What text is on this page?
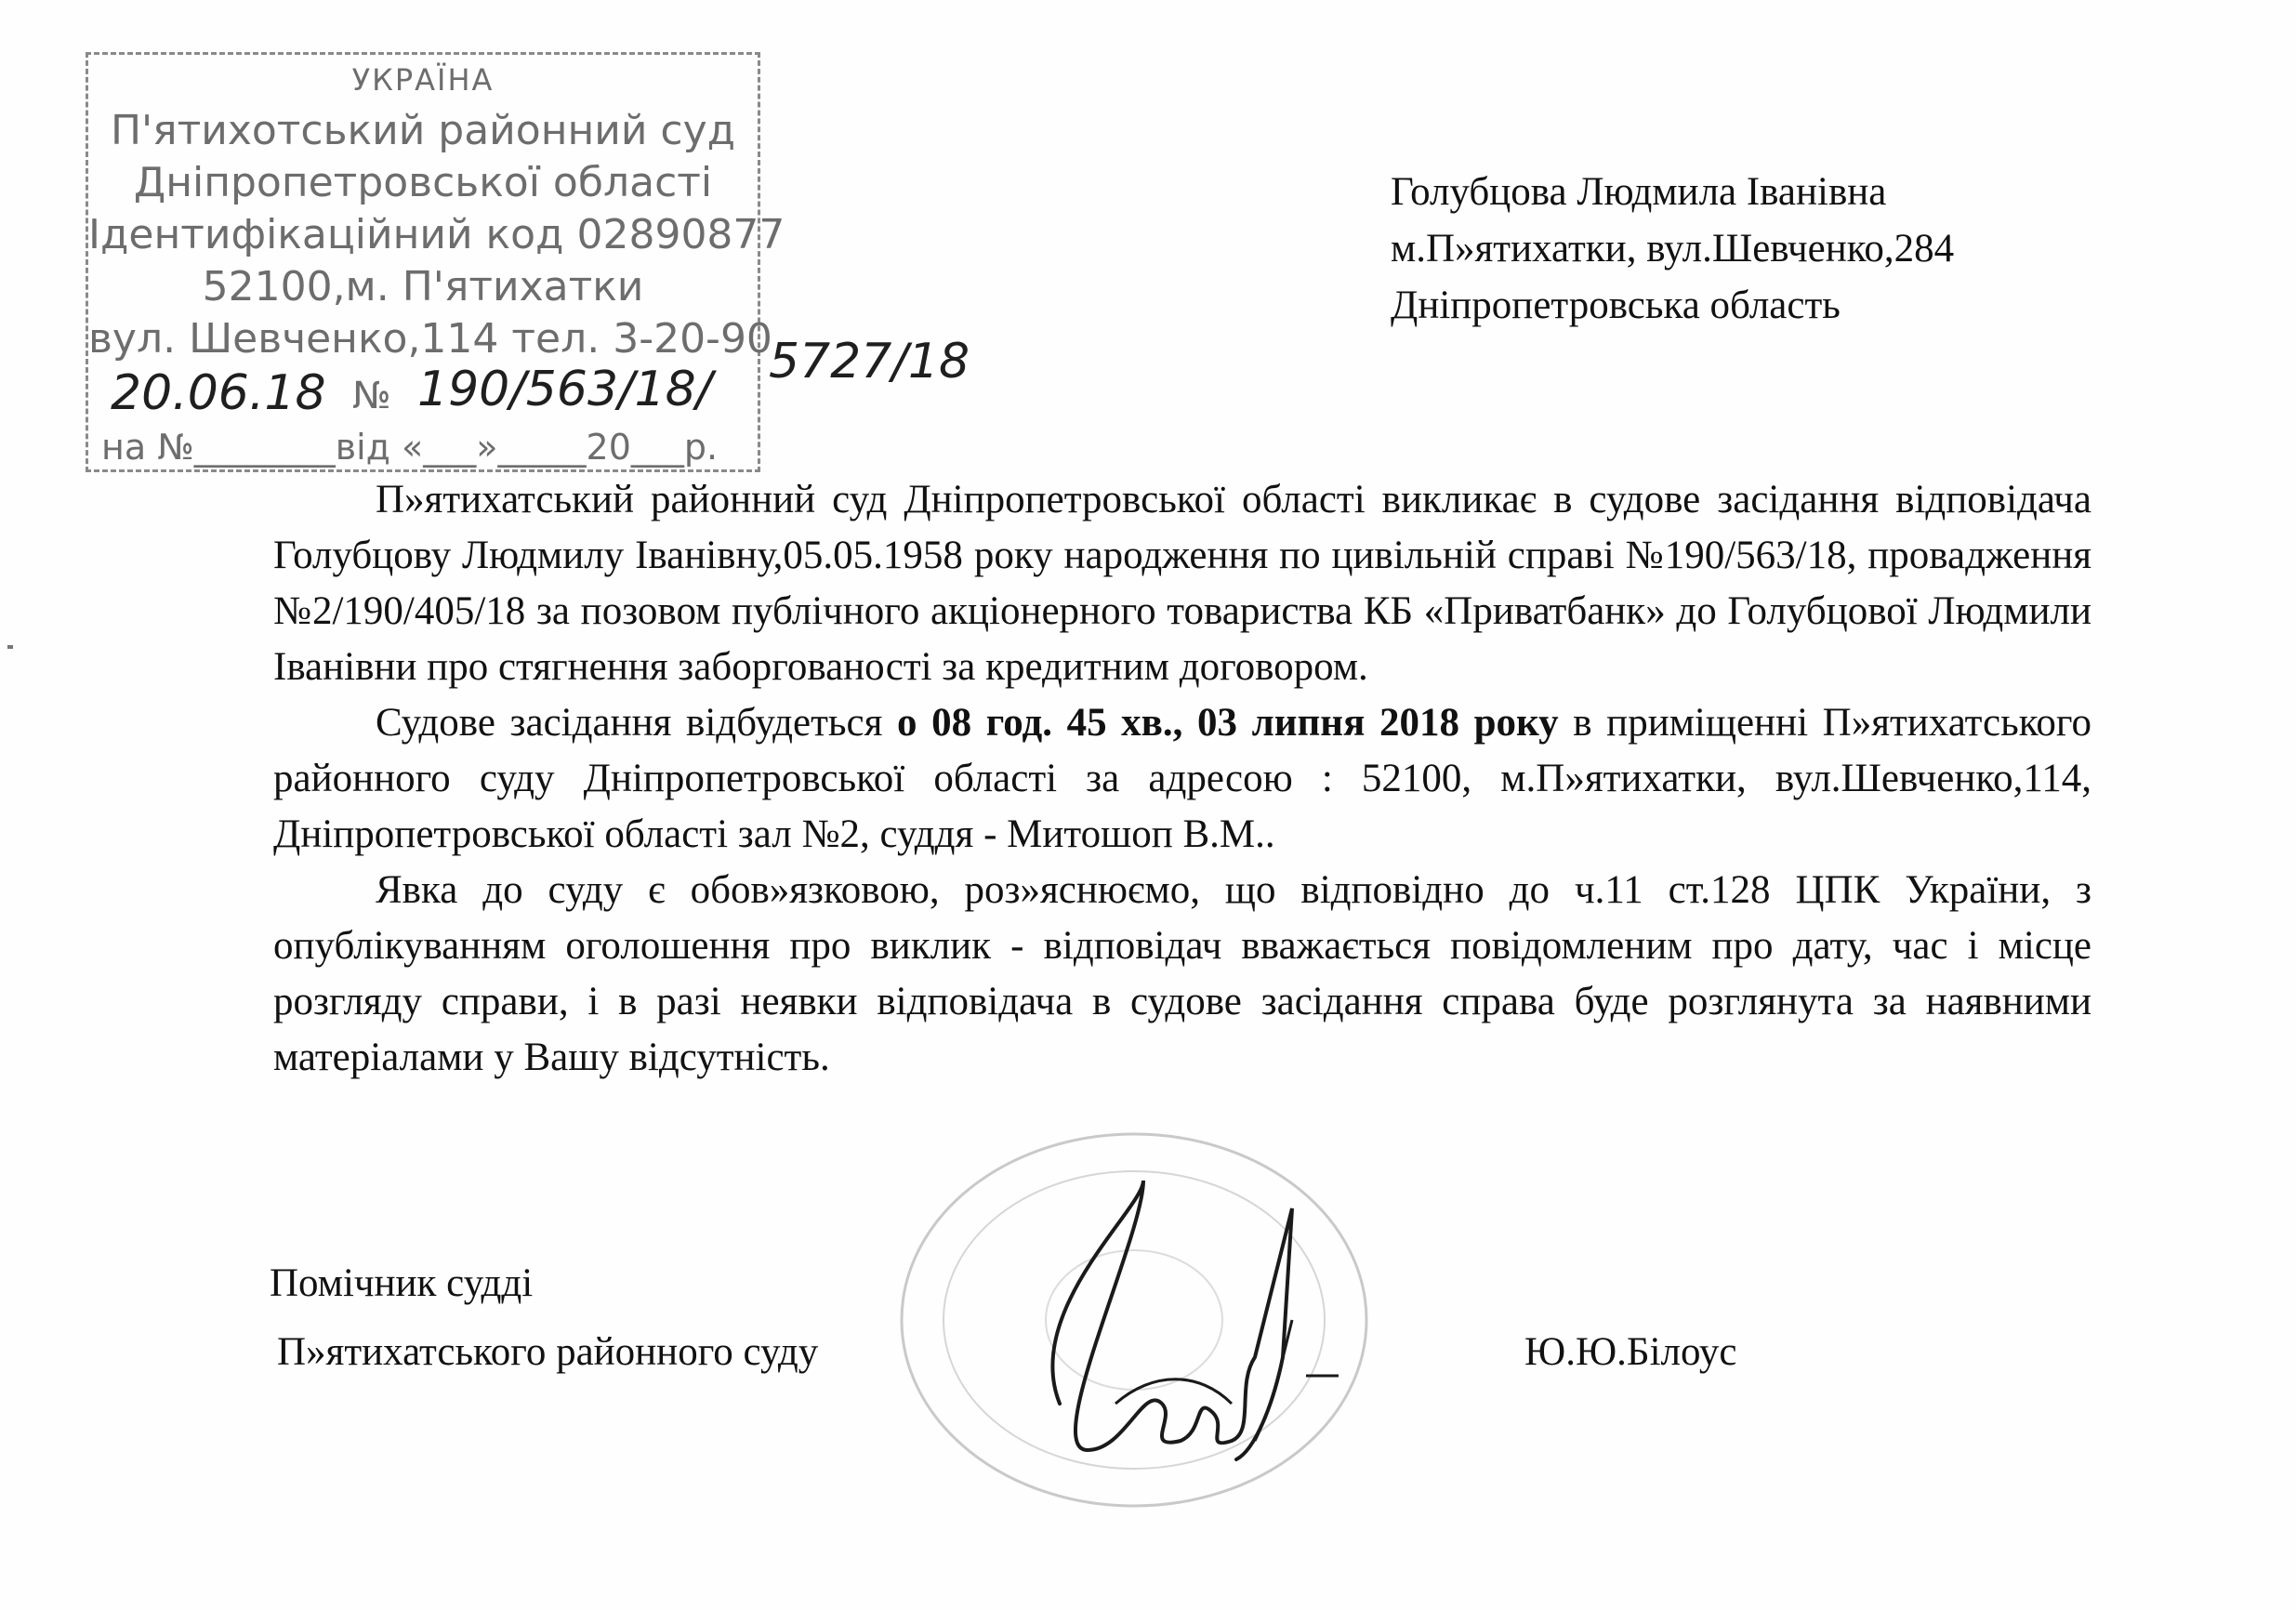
УКРАЇНА
П'ятихотський районний суд
Дніпропетровської області
Ідентифікаційний код 02890877
52100,м. П'ятихатки
вул. Шевченко,114 тел. 3-20-90
20.06.18 № 190/563/18/ 5727/18
на №________від «___»_____20___р.
Голубцова Людмила Іванівна
м.П»ятихатки, вул.Шевченко,284
Дніпропетровська область

П»ятихатський районний суд Дніпропетровської області викликає в судове засідання відповідача Голубцову Людмилу Іванівну,05.05.1958 року народження по цивільній справі №190/563/18, провадження №2/190/405/18 за позовом публічного акціонерного товариства КБ «Приватбанк» до Голубцової Людмили Іванівни про стягнення заборгованості за кредитним договором.

Судове засідання відбудеться о 08 год. 45 хв., 03 липня 2018 року в приміщенні П»ятихатського районного суду Дніпропетровської області за адресою : 52100, м.П»ятихатки, вул.Шевченко,114, Дніпропетровської області зал №2, суддя - Митошоп В.М..

Явка до суду є обов»язковою, роз»яснюємо, що відповідно до ч.11 ст.128 ЦПК України, з опублікуванням оголошення про виклик - відповідач вважається повідомленим про дату, час і місце розгляду справи, і в разі неявки відповідача в судове засідання справа буде розглянута за наявними матеріалами у Вашу відсутність.

Помічник судді
П»ятихатського районного суду	Ю.Ю.Білоус
